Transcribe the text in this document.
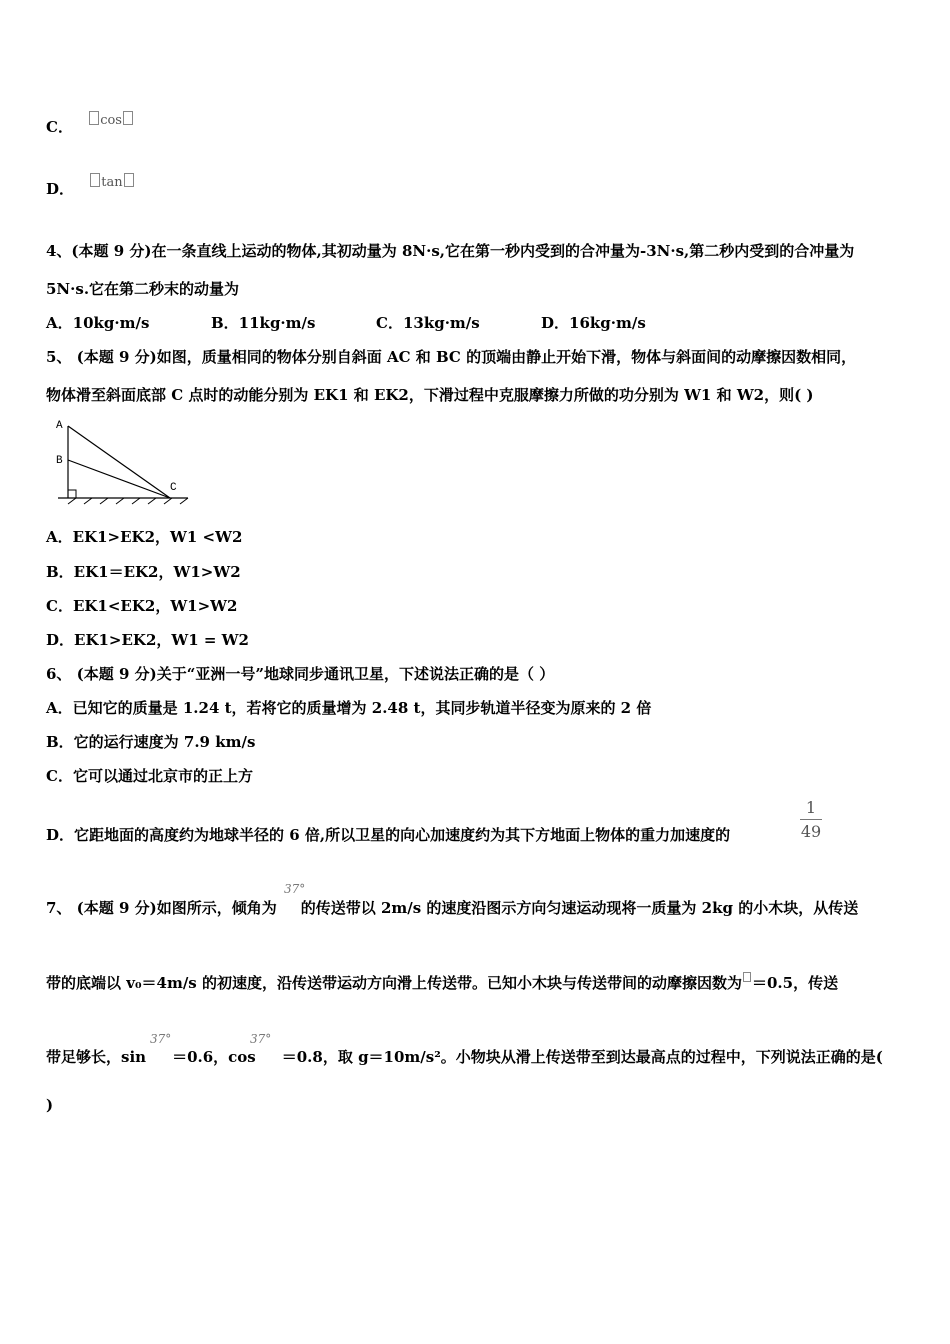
C． cos
D． tan
4、(本题 9 分)在一条直线上运动的物体,其初动量为 8N·s,它在第一秒内受到的合冲量为-3N·s,第二秒内受到的合冲量为
5N·s.它在第二秒末的动量为
A．10kg·m/s	B．11kg·m/s	C．13kg·m/s	D．16kg·m/s
5、 (本题 9 分)如图，质量相同的物体分别自斜面 AC 和 BC 的顶端由静止开始下滑，物体与斜面间的动摩擦因数相同，
物体滑至斜面底部 C 点时的动能分别为 EK1 和 EK2，下滑过程中克服摩擦力所做的功分别为 W1 和 W2，则( )
A
B
C
A．EK1>EK2，W1 <W2
B．EK1＝EK2，W1>W2
C．EK1<EK2，W1>W2
D．EK1>EK2，W1 = W2
6、 (本题 9 分)关于“亚洲一号”地球同步通讯卫星，下述说法正确的是（ ）
A．已知它的质量是 1.24 t，若将它的质量增为 2.48 t，其同步轨道半径变为原来的 2 倍
B．它的运行速度为 7.9 km/s
C．它可以通过北京市的正上方
D．它距地面的高度约为地球半径的 6 倍,所以卫星的向心加速度约为其下方地面上物体的重力加速度的
1
49
7、 (本题 9 分)如图所示，倾角为 的传送带以 2m/s 的速度沿图示方向匀速运动现将一质量为 2kg 的小木块，从传送
37°
带的底端以 v₀＝4m/s 的初速度，沿传送带运动方向滑上传送带。已知小木块与传送带间的动摩擦因数为 ＝0.5，传送
带足够长，sin ＝0.6，cos ＝0.8，取 g＝10m/s²。小物块从滑上传送带至到达最高点的过程中，下列说法正确的是(
37°	37°
)
